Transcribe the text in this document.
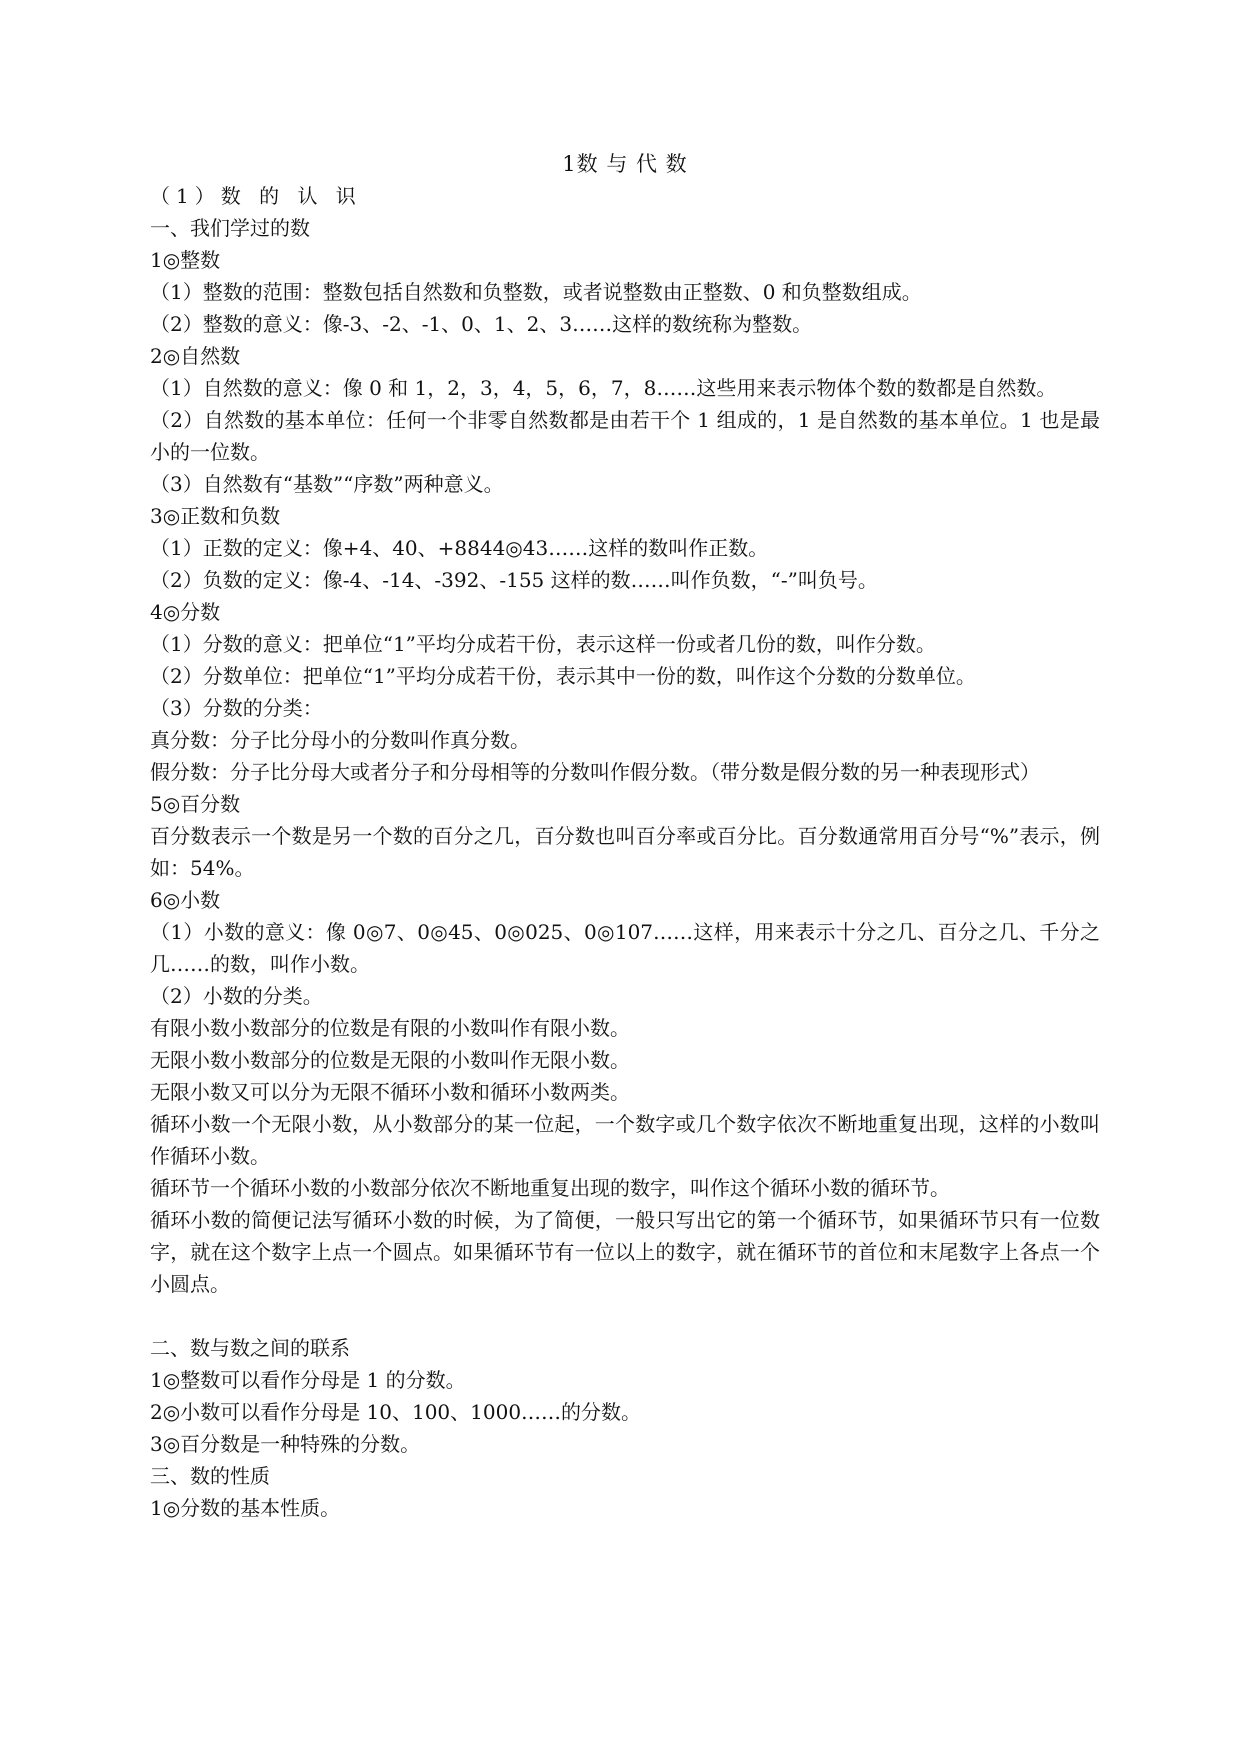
1数 与 代 数

（1）数 的 认 识

一、我们学过的数

1◎整数

（1）整数的范围：整数包括自然数和负整数，或者说整数由正整数、0 和负整数组成。

（2）整数的意义：像-3、-2、-1、0、1、2、3……这样的数统称为整数。

2◎自然数

（1）自然数的意义：像 0 和 1，2，3，4，5，6，7，8……这些用来表示物体个数的数都是自然数。

（2）自然数的基本单位：任何一个非零自然数都是由若干个 1 组成的，1 是自然数的基本单位。1 也是最小的一位数。

（3）自然数有“基数”“序数”两种意义。

3◎正数和负数

（1）正数的定义：像+4、40、+8844◎43……这样的数叫作正数。

（2）负数的定义：像-4、-14、-392、-155 这样的数……叫作负数，“-”叫负号。

4◎分数

（1）分数的意义：把单位“1”平均分成若干份，表示这样一份或者几份的数，叫作分数。

（2）分数单位：把单位“1”平均分成若干份，表示其中一份的数，叫作这个分数的分数单位。

（3）分数的分类：

真分数：分子比分母小的分数叫作真分数。

假分数：分子比分母大或者分子和分母相等的分数叫作假分数。（带分数是假分数的另一种表现形式）

5◎百分数

百分数表示一个数是另一个数的百分之几，百分数也叫百分率或百分比。百分数通常用百分号“%”表示，例如：54%。

6◎小数

（1）小数的意义：像 0◎7、0◎45、0◎025、0◎107……这样，用来表示十分之几、百分之几、千分之几……的数，叫作小数。

（2）小数的分类。

有限小数小数部分的位数是有限的小数叫作有限小数。

无限小数小数部分的位数是无限的小数叫作无限小数。

无限小数又可以分为无限不循环小数和循环小数两类。

循环小数一个无限小数，从小数部分的某一位起，一个数字或几个数字依次不断地重复出现，这样的小数叫作循环小数。

循环节一个循环小数的小数部分依次不断地重复出现的数字，叫作这个循环小数的循环节。

循环小数的简便记法写循环小数的时候，为了简便，一般只写出它的第一个循环节，如果循环节只有一位数字，就在这个数字上点一个圆点。如果循环节有一位以上的数字，就在循环节的首位和末尾数字上各点一个小圆点。

二、数与数之间的联系

1◎整数可以看作分母是 1 的分数。

2◎小数可以看作分母是 10、100、1000……的分数。

3◎百分数是一种特殊的分数。

三、数的性质

1◎分数的基本性质。
